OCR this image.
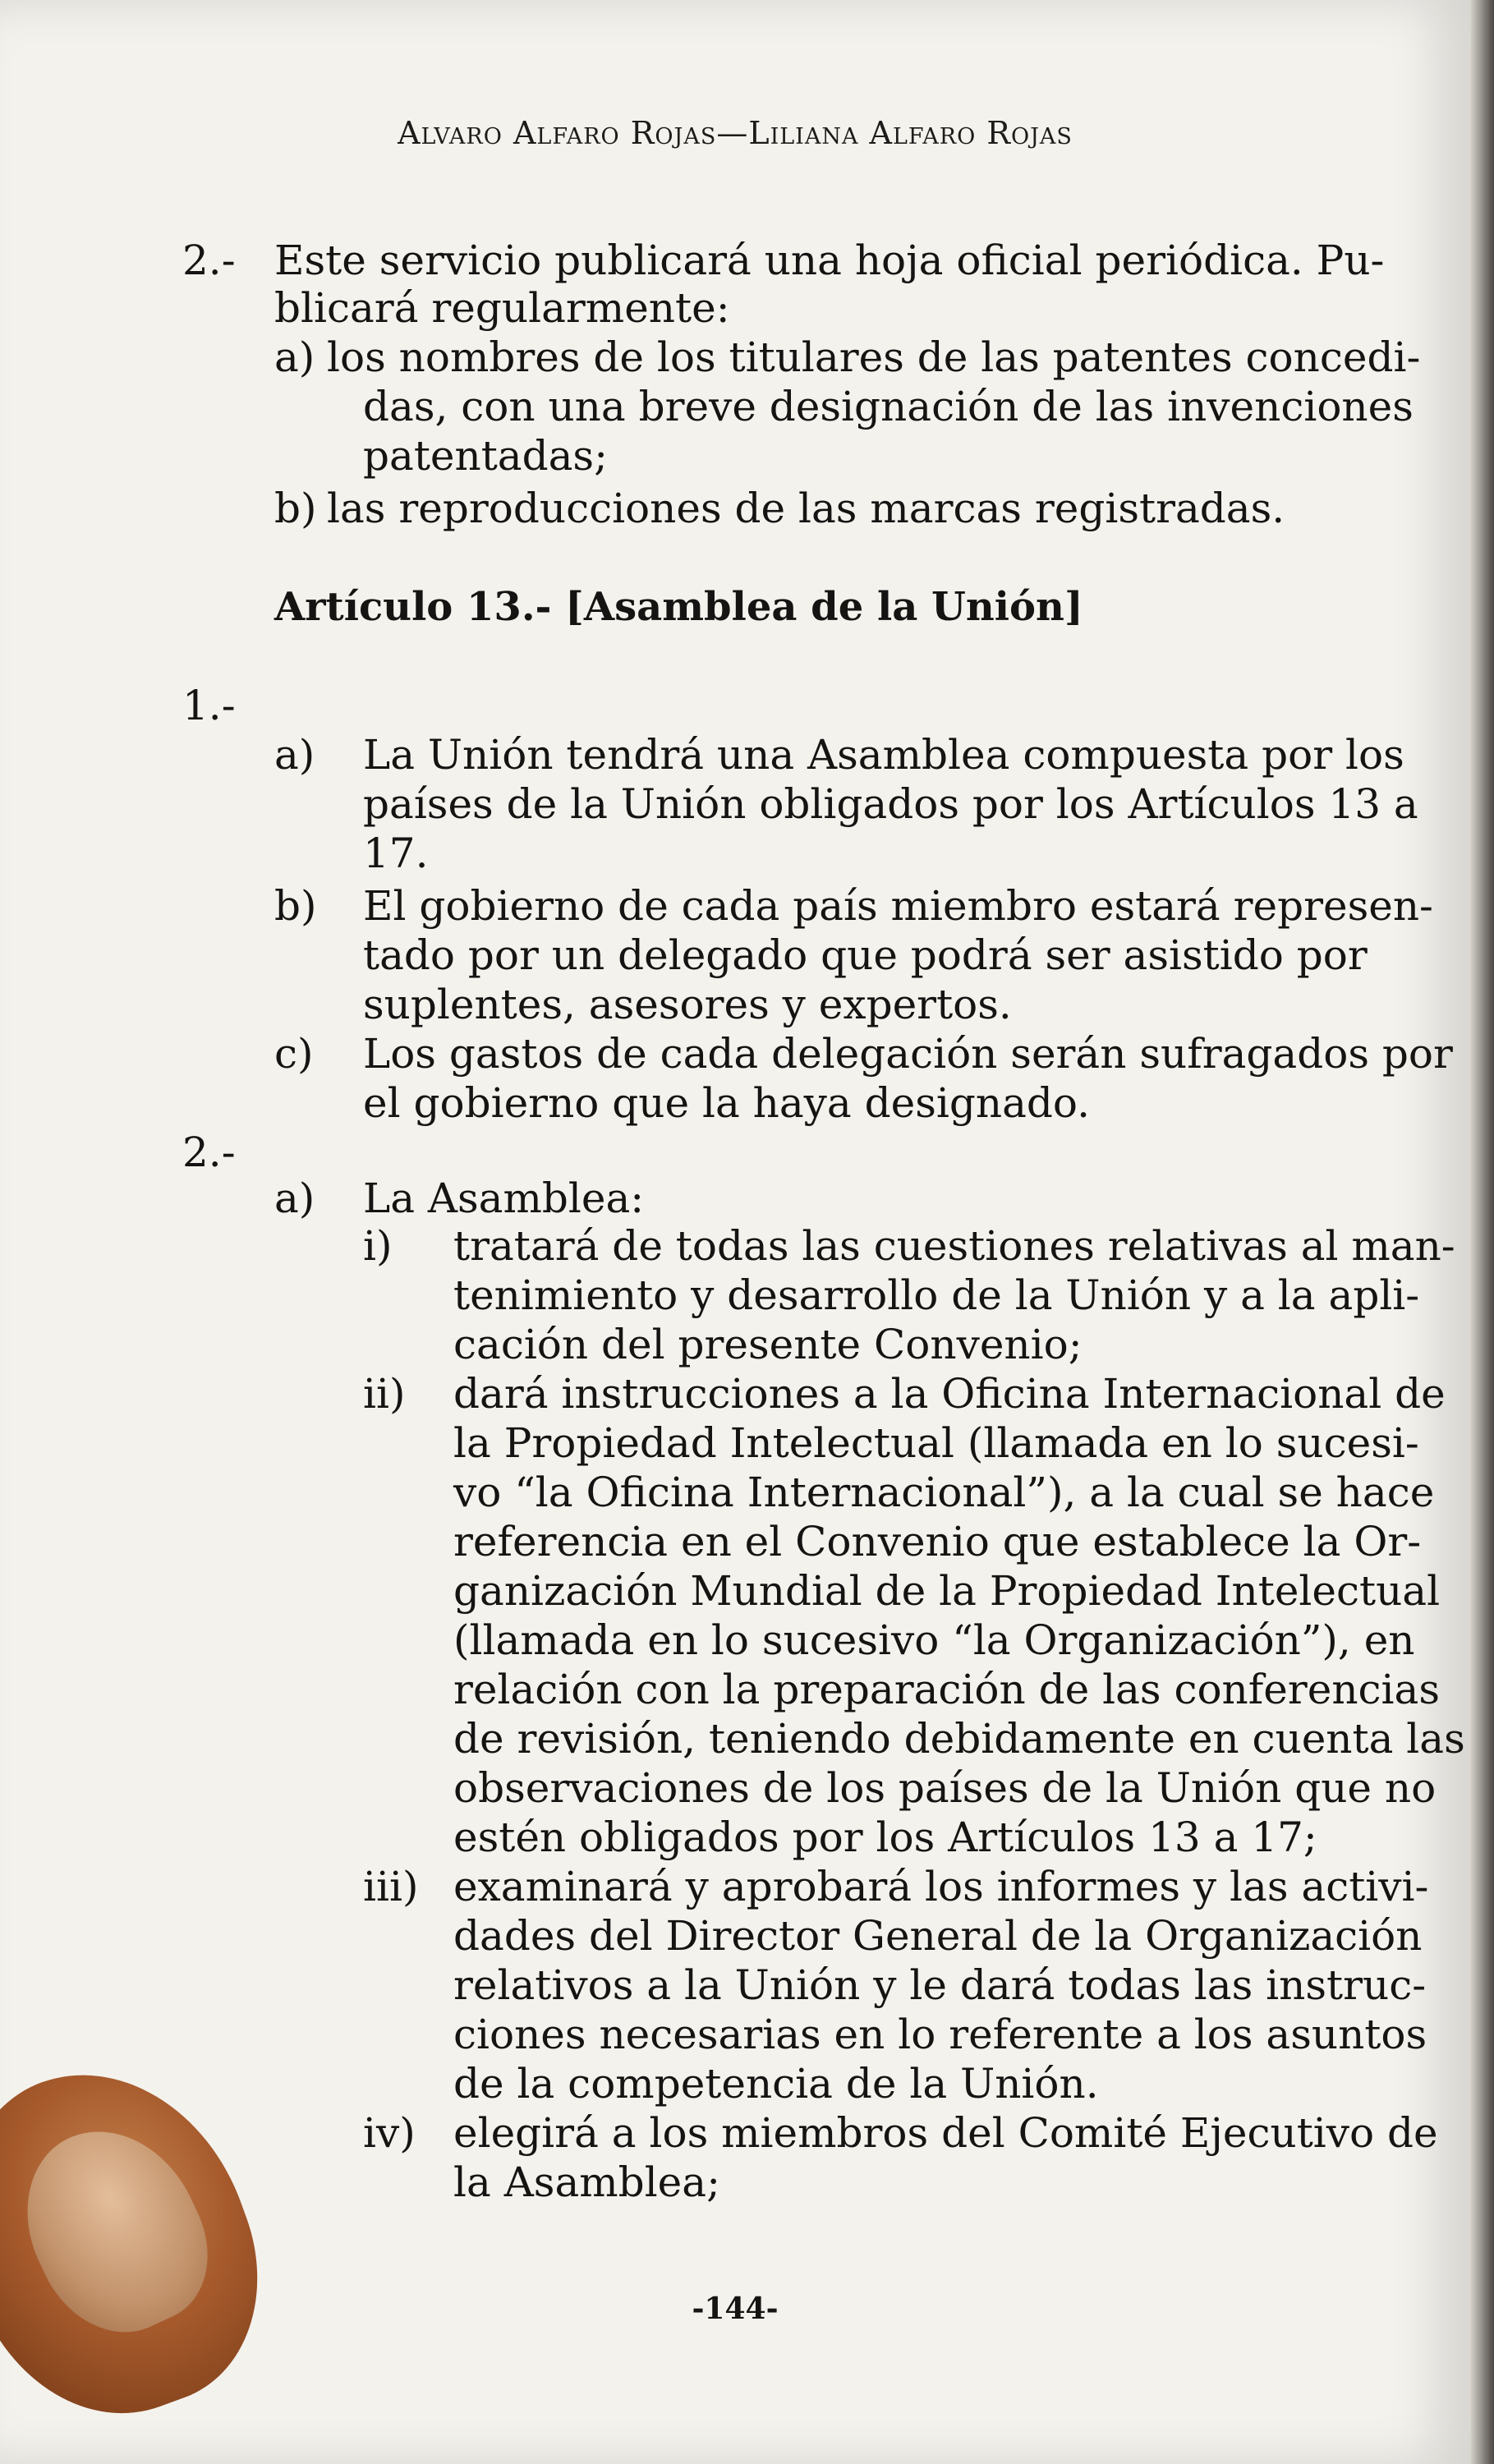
Alvaro Alfaro Rojas—Liliana Alfaro Rojas
2.- Este servicio publicará una hoja oficial periódica. Pu-
blicará regularmente:
a) los nombres de los titulares de las patentes concedi-
das, con una breve designación de las invenciones
patentadas;
b) las reproducciones de las marcas registradas.
Artículo 13.- [Asamblea de la Unión]
1.-
a) La Unión tendrá una Asamblea compuesta por los
países de la Unión obligados por los Artículos 13 a
17.
b) El gobierno de cada país miembro estará represen-
tado por un delegado que podrá ser asistido por
suplentes, asesores y expertos.
c) Los gastos de cada delegación serán sufragados por
el gobierno que la haya designado.
2.-
a) La Asamblea:
i) tratará de todas las cuestiones relativas al man-
tenimiento y desarrollo de la Unión y a la apli-
cación del presente Convenio;
ii) dará instrucciones a la Oficina Internacional de
la Propiedad Intelectual (llamada en lo sucesi-
vo “la Oficina Internacional”), a la cual se hace
referencia en el Convenio que establece la Or-
ganización Mundial de la Propiedad Intelectual
(llamada en lo sucesivo “la Organización”), en
relación con la preparación de las conferencias
de revisión, teniendo debidamente en cuenta las
observaciones de los países de la Unión que no
estén obligados por los Artículos 13 a 17;
iii) examinará y aprobará los informes y las activi-
dades del Director General de la Organización
relativos a la Unión y le dará todas las instruc-
ciones necesarias en lo referente a los asuntos
de la competencia de la Unión.
iv) elegirá a los miembros del Comité Ejecutivo de
la Asamblea;
-144-
